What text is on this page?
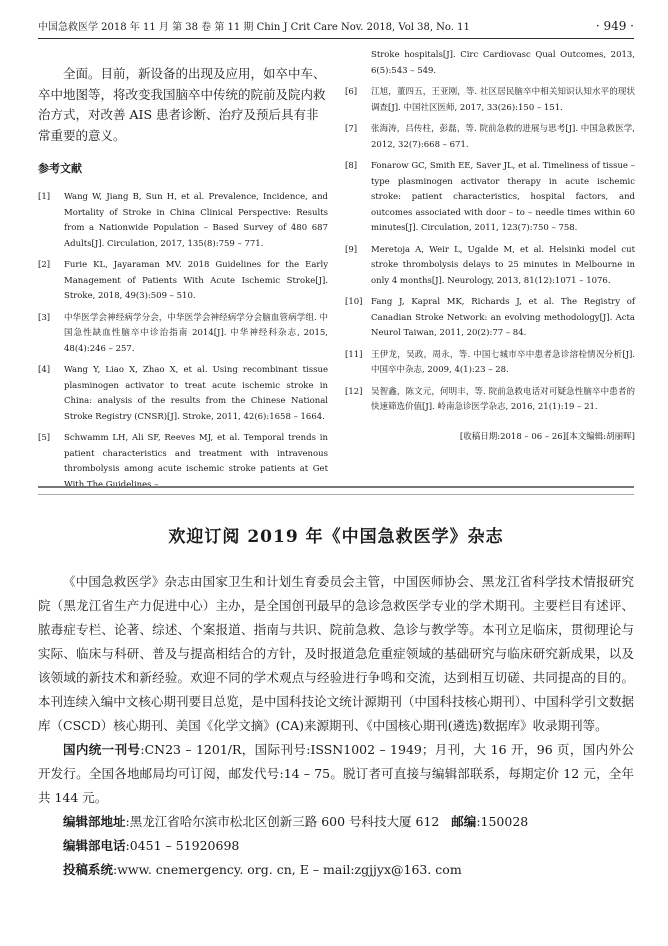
中国急救医学 2018 年 11 月 第 38 卷 第 11 期 Chin J Crit Care Nov. 2018, Vol 38, No. 11	· 949 ·

全面。目前，新设备的出现及应用，如卒中车、卒中地图等，将改变我国脑卒中传统的院前及院内救治方式，对改善 AIS 患者诊断、治疗及预后具有非常重要的意义。

参考文献
[1]	Wang W, Jiang B, Sun H, et al. Prevalence, Incidence, and Mortality of Stroke in China Clinical Perspective: Results from a Nationwide Population – Based Survey of 480 687 Adults[J]. Circulation, 2017, 135(8):759 – 771.
[2]	Furie KL, Jayaraman MV. 2018 Guidelines for the Early Management of Patients With Acute Ischemic Stroke[J]. Stroke, 2018, 49(3):509 – 510.
[3]	中华医学会神经病学分会，中华医学会神经病学分会脑血管病学组. 中国急性缺血性脑卒中诊治指南 2014[J]. 中华神经科杂志, 2015, 48(4):246 – 257.
[4]	Wang Y, Liao X, Zhao X, et al. Using recombinant tissue plasminogen activator to treat acute ischemic stroke in China: analysis of the results from the Chinese National Stroke Registry (CNSR)[J]. Stroke, 2011, 42(6):1658 – 1664.
[5]	Schwamm LH, Ali SF, Reeves MJ, et al. Temporal trends in patient characteristics and treatment with intravenous thrombolysis among acute ischemic stroke patients at Get With The Guidelines –
Stroke hospitals[J]. Circ Cardiovasc Qual Outcomes, 2013, 6(5):543 – 549.
[6]	江旭，董四五，王亚刚，等. 社区居民脑卒中相关知识认知水平的现状调查[J]. 中国社区医师, 2017, 33(26):150 – 151.
[7]	张海涛，吕传柱，彭磊，等. 院前急救的进展与思考[J]. 中国急救医学, 2012, 32(7):668 – 671.
[8]	Fonarow GC, Smith EE, Saver JL, et al. Timeliness of tissue – type plasminogen activator therapy in acute ischemic stroke: patient characteristics, hospital factors, and outcomes associated with door – to – needle times within 60 minutes[J]. Circulation, 2011, 123(7):750 – 758.
[9]	Meretoja A, Weir L, Ugalde M, et al. Helsinki model cut stroke thrombolysis delays to 25 minutes in Melbourne in only 4 months[J]. Neurology, 2013, 81(12):1071 – 1076.
[10]	Fang J, Kapral MK, Richards J, et al. The Registry of Canadian Stroke Network: an evolving methodology[J]. Acta Neurol Taiwan, 2011, 20(2):77 – 84.
[11]	王伊龙，吴政，周永，等. 中国七城市卒中患者急诊溶栓情况分析[J]. 中国卒中杂志, 2009, 4(1):23 – 28.
[12]	吴智鑫，陈文元，何明丰，等. 院前急救电话对可疑急性脑卒中患者的快速筛选价值[J]. 岭南急诊医学杂志, 2016, 21(1):19 – 21.
[收稿日期:2018 – 06 – 26][本文编辑:胡丽晖]
欢迎订阅 2019 年《中国急救医学》杂志

《中国急救医学》杂志由国家卫生和计划生育委员会主管，中国医师协会、黑龙江省科学技术情报研究院（黑龙江省生产力促进中心）主办，是全国创刊最早的急诊急救医学专业的学术期刊。主要栏目有述评、脓毒症专栏、论著、综述、个案报道、指南与共识、院前急救、急诊与教学等。本刊立足临床，贯彻理论与实际、临床与科研、普及与提高相结合的方针，及时报道急危重症领域的基础研究与临床研究新成果，以及该领域的新技术和新经验。欢迎不同的学术观点与经验进行争鸣和交流，达到相互切磋、共同提高的目的。本刊连续入编中文核心期刊要目总览，是中国科技论文统计源期刊（中国科技核心期刊）、中国科学引文数据库（CSCD）核心期刊、美国《化学文摘》(CA)来源期刊、《中国核心期刊(遴选)数据库》收录期刊等。

国内统一刊号:CN23 – 1201/R，国际刊号:ISSN1002 – 1949；月刊，大 16 开，96 页，国内外公开发行。全国各地邮局均可订阅，邮发代号:14 – 75。脱订者可直接与编辑部联系，每期定价 12 元，全年共 144 元。

编辑部地址:黑龙江省哈尔滨市松北区创新三路 600 号科技大厦 612 邮编:150028

编辑部电话:0451 – 51920698

投稿系统:www. cnemergency. org. cn, E – mail:zgjjyx@163. com
